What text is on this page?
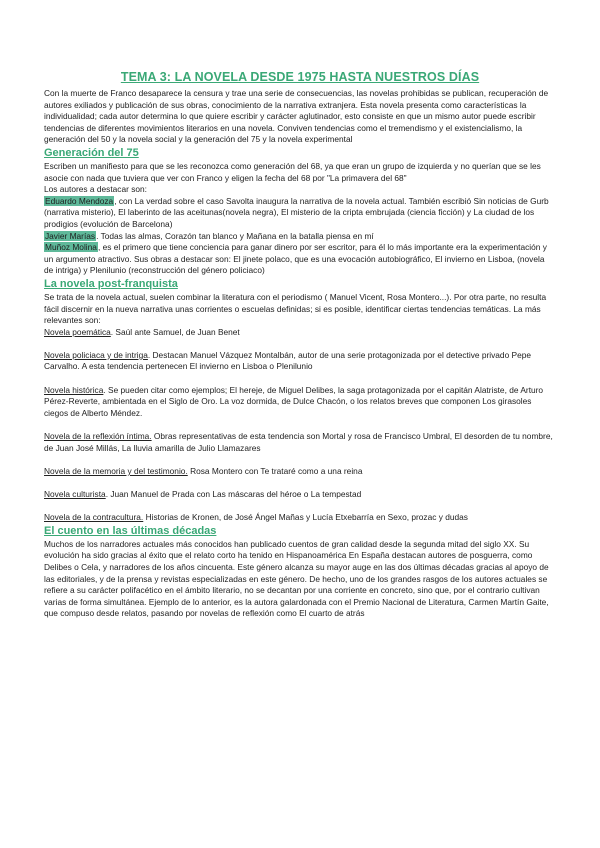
TEMA 3: LA NOVELA DESDE 1975 HASTA NUESTROS DÍAS

Con la muerte de Franco desaparece la censura y trae una serie de consecuencias, las novelas prohibidas se publican, recuperación de autores exiliados y publicación de sus obras, conocimiento de la narrativa extranjera. Esta novela presenta como características la individualidad; cada autor determina lo que quiere escribir y carácter aglutinador, esto consiste en que un mismo autor puede escribir tendencias de diferentes movimientos literarios en una novela. Conviven tendencias como el tremendismo y el existencialismo, la generación del 50 y la novela social y la generación del 75 y la novela experimental

Generación del 75

Escriben un manifiesto para que se les reconozca como generación del 68, ya que eran un grupo de izquierda y no querían que se les asocie con nada que tuviera que ver con Franco y eligen la fecha del 68 por "La primavera del 68"

Los autores a destacar son:

Eduardo Mendoza, con La verdad sobre el caso Savolta inaugura la narrativa de la novela actual. También escribió Sin noticias de Gurb (narrativa misterio), El laberinto de las aceitunas(novela negra), El misterio de la cripta embrujada (ciencia ficción) y La ciudad de los prodigios (evolución de Barcelona)

Javier Marías. Todas las almas, Corazón tan blanco y Mañana en la batalla piensa en mí

Muñoz Molina, es el primero que tiene conciencia para ganar dinero por ser escritor, para él lo más importante era la experimentación y un argumento atractivo. Sus obras a destacar son: El jinete polaco, que es una evocación autobiográfico, El invierno en Lisboa, (novela de intriga) y Plenilunio (reconstrucción del género policiaco)

La novela post-franquista

Se trata de la novela actual, suelen combinar la literatura con el periodismo ( Manuel Vicent, Rosa Montero...). Por otra parte, no resulta fácil discernir en la nueva narrativa unas corrientes o escuelas definidas; si es posible, identificar ciertas tendencias temáticas. La más relevantes son:

Novela poemática. Saúl ante Samuel, de Juan Benet

Novela policiaca y de intriga. Destacan Manuel Vázquez Montalbán, autor de una serie protagonizada por el detective privado Pepe Carvalho. A esta tendencia pertenecen El invierno en Lisboa o Plenilunio

Novela histórica. Se pueden citar como ejemplos; El hereje, de Miguel Delibes, la saga protagonizada por el capitán Alatriste, de Arturo Pérez-Reverte, ambientada en el Siglo de Oro. La voz dormida, de Dulce Chacón, o los relatos breves que componen Los girasoles ciegos de Alberto Méndez.

Novela de la reflexión íntima. Obras representativas de esta tendencia son Mortal y rosa de Francisco Umbral, El desorden de tu nombre, de Juan José Millás, La lluvia amarilla de Julio Llamazares

Novela de la memoria y del testimonio. Rosa Montero con Te trataré como a una reina

Novela culturista. Juan Manuel de Prada con Las máscaras del héroe o La tempestad

Novela de la contracultura. Historias de Kronen, de José Ángel Mañas y Lucía Etxebarría en Sexo, prozac y dudas

El cuento en las últimas décadas

Muchos de los narradores actuales más conocidos han publicado cuentos de gran calidad desde la segunda mitad del siglo XX. Su evolución ha sido gracias al éxito que el relato corto ha tenido en Hispanoamérica En España destacan autores de posguerra, como Delibes o Cela, y narradores de los años cincuenta. Este género alcanza su mayor auge en las dos últimas décadas gracias al apoyo de las editoriales, y de la prensa y revistas especializadas en este género. De hecho, uno de los grandes rasgos de los autores actuales se refiere a su carácter polifacético en el ámbito literario, no se decantan por una corriente en concreto, sino que, por el contrario cultivan varias de forma simultánea. Ejemplo de lo anterior, es la autora galardonada con el Premio Nacional de Literatura, Carmen Martín Gaite, que compuso desde relatos, pasando por novelas de reflexión como El cuarto de atrás
